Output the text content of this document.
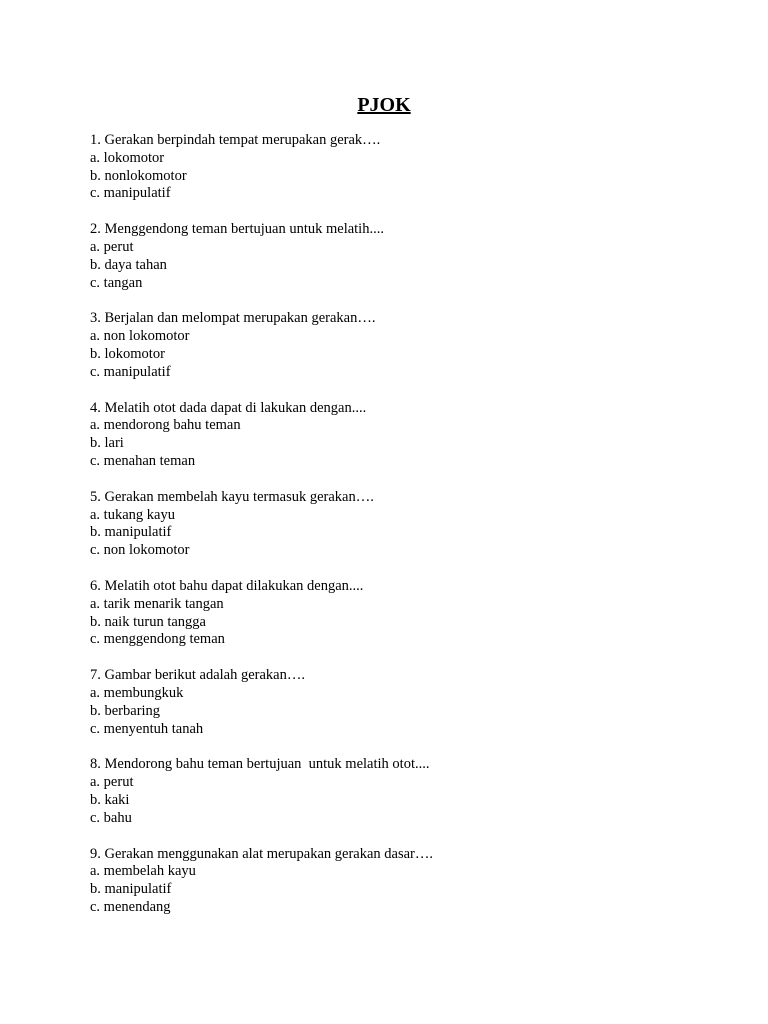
PJOK
1. Gerakan berpindah tempat merupakan gerak….
a. lokomotor
b. nonlokomotor
c. manipulatif
2. Menggendong teman bertujuan untuk melatih....
a. perut
b. daya tahan
c. tangan
3. Berjalan dan melompat merupakan gerakan….
a. non lokomotor
b. lokomotor
c. manipulatif
4. Melatih otot dada dapat di lakukan dengan....
a. mendorong bahu teman
b. lari
c. menahan teman
5. Gerakan membelah kayu termasuk gerakan….
a. tukang kayu
b. manipulatif
c. non lokomotor
6. Melatih otot bahu dapat dilakukan dengan....
a. tarik menarik tangan
b. naik turun tangga
c. menggendong teman
7. Gambar berikut adalah gerakan….
a. membungkuk
b. berbaring
c. menyentuh tanah
8. Mendorong bahu teman bertujuan  untuk melatih otot....
a. perut
b. kaki
c. bahu
9. Gerakan menggunakan alat merupakan gerakan dasar….
a. membelah kayu
b. manipulatif
c. menendang
